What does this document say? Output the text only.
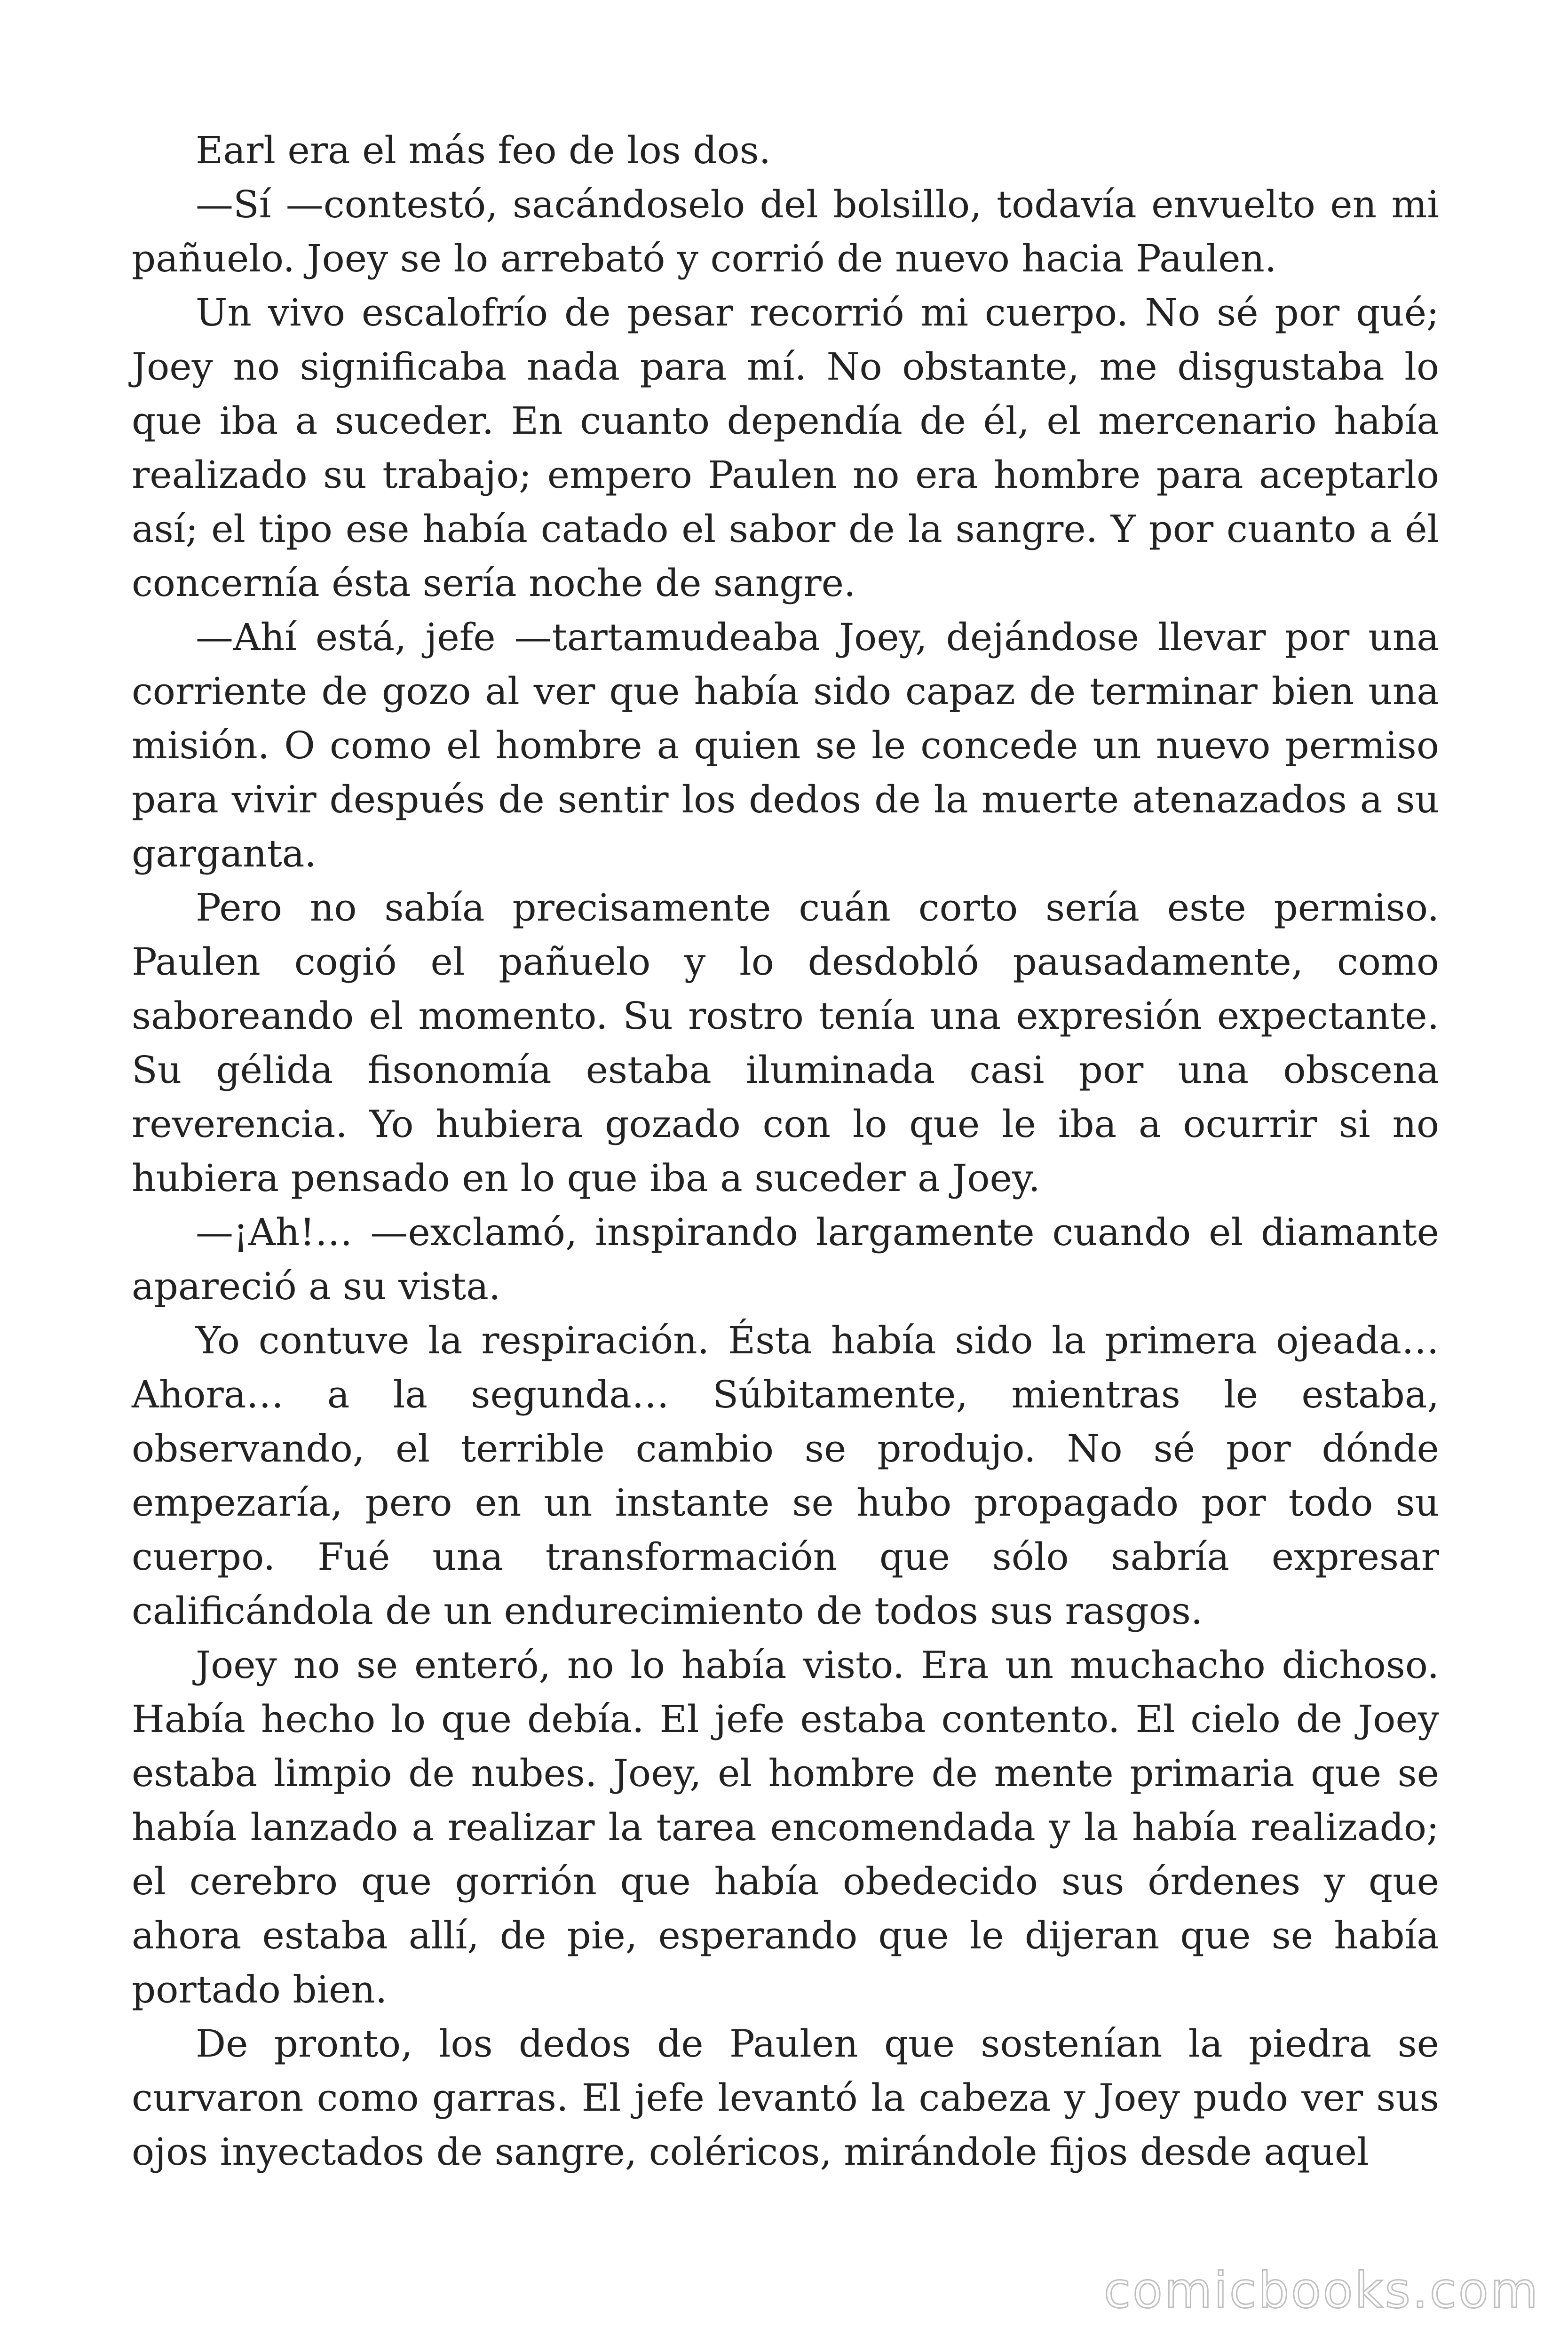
Earl era el más feo de los dos.

—Sí —contestó, sacándoselo del bolsillo, todavía envuelto en mi pañuelo. Joey se lo arrebató y corrió de nuevo hacia Paulen.

Un vivo escalofrío de pesar recorrió mi cuerpo. No sé por qué; Joey no significaba nada para mí. No obstante, me disgustaba lo que iba a suceder. En cuanto dependía de él, el mercenario había realizado su trabajo; empero Paulen no era hombre para aceptarlo así; el tipo ese había catado el sabor de la sangre. Y por cuanto a él concernía ésta sería noche de sangre.

—Ahí está, jefe —tartamudeaba Joey, dejándose llevar por una corriente de gozo al ver que había sido capaz de terminar bien una misión. O como el hombre a quien se le concede un nuevo permiso para vivir después de sentir los dedos de la muerte atenazados a su garganta.

Pero no sabía precisamente cuán corto sería este permiso. Paulen cogió el pañuelo y lo desdobló pausadamente, como saboreando el momento. Su rostro tenía una expresión expectante. Su gélida fisonomía estaba iluminada casi por una obscena reverencia. Yo hubiera gozado con lo que le iba a ocurrir si no hubiera pensado en lo que iba a suceder a Joey.

—¡Ah!… —exclamó, inspirando largamente cuando el diamante apareció a su vista.

Yo contuve la respiración. Ésta había sido la primera ojeada… Ahora… a la segunda… Súbitamente, mientras le estaba, observando, el terrible cambio se produjo. No sé por dónde empezaría, pero en un instante se hubo propagado por todo su cuerpo. Fué una transformación que sólo sabría expresar calificándola de un endurecimiento de todos sus rasgos.

Joey no se enteró, no lo había visto. Era un muchacho dichoso. Había hecho lo que debía. El jefe estaba contento. El cielo de Joey estaba limpio de nubes. Joey, el hombre de mente primaria que se había lanzado a realizar la tarea encomendada y la había realizado; el cerebro que gorrión que había obedecido sus órdenes y que ahora estaba allí, de pie, esperando que le dijeran que se había portado bien.

De pronto, los dedos de Paulen que sostenían la piedra se curvaron como garras. El jefe levantó la cabeza y Joey pudo ver sus ojos inyectados de sangre, coléricos, mirándole fijos desde aquel

comicbooks.com
